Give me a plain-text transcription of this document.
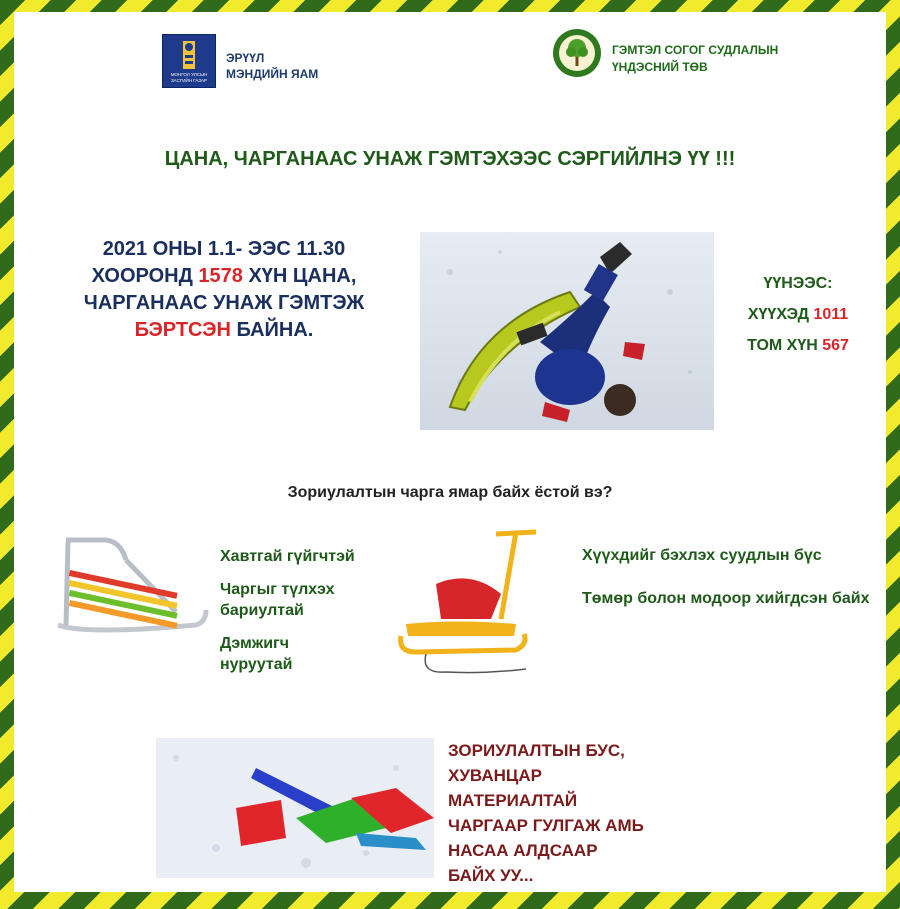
МОНГОЛ УЛСЫН
ЗАСГИЙН ГАЗАР
ЭРҮҮЛ
МЭНДИЙН ЯАМ
ГЭМТЭЛ СОГОГ СУДЛАЛЫН
ҮНДЭСНИЙ ТӨВ
ЦАНА, ЧАРГАНААС УНАЖ ГЭМТЭХЭЭС СЭРГИЙЛНЭ ҮҮ !!!
2021 ОНЫ 1.1- ЭЭС 11.30
ХООРОНД 1578 ХҮН ЦАНА,
ЧАРГАНААС УНАЖ ГЭМТЭЖ
БЭРТСЭН БАЙНА.
ҮҮНЭЭС:
ХҮҮХЭД 1011
ТОМ ХҮН 567
Зориулалтын чарга ямар байх ёстой вэ?
Хавтгай гүйгчтэй
Чаргыг түлхэх бариултай
Дэмжигч нуруутай
Хүүхдийг бэхлэх суудлын бүс
Төмөр болон модоор хийгдсэн байх
ЗОРИУЛАЛТЫН БУС,
ХУВАНЦАР
МАТЕРИАЛТАЙ
ЧАРГААР ГУЛГАЖ АМЬ
НАСАА АЛДСААР
БАЙХ УУ...
